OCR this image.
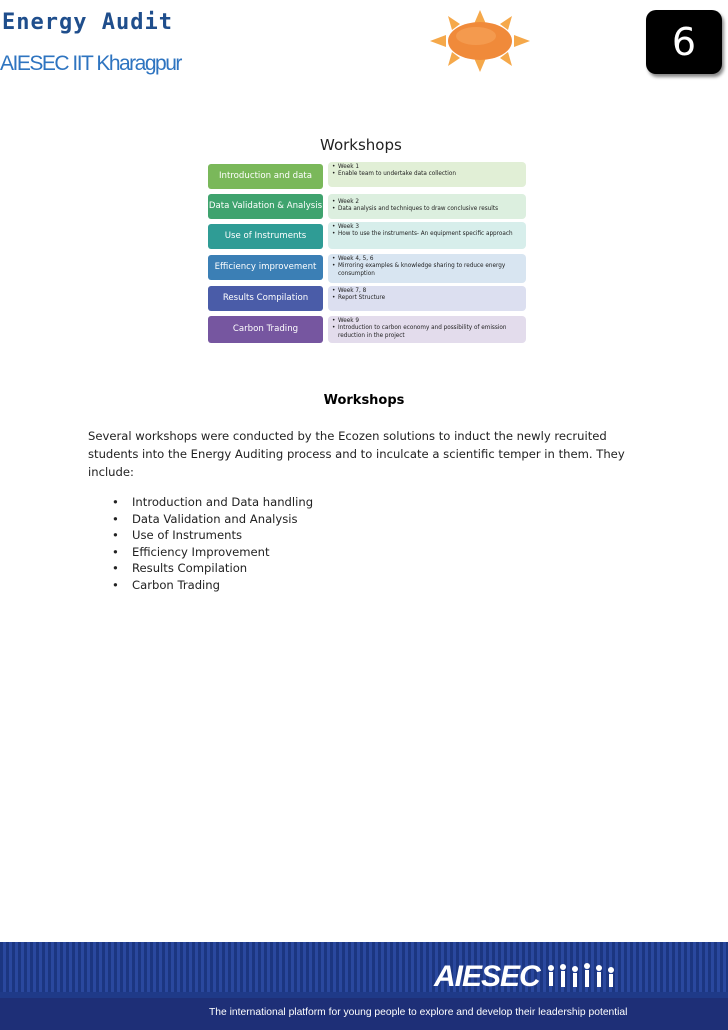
Energy Audit
AIESEC IIT Kharagpur	6
Workshops
Introduction and data
• Week 1
• Enable team to undertake data collection
Data Validation & Analysis
•	Week 2
• Data analysis and techniques to draw conclusive results
Use of Instruments
• Week 3
• How to use the instruments- An equipment specific approach
Efficiency improvement
• Week 4, 5, 6
• Mirroring examples & knowledge sharing to reduce energy consumption
Results Compilation
• Week 7, 8
• Report Structure
Carbon Trading
• Week 9
• Introduction to carbon economy and possibility of emission reduction in the project
Workshops

Several workshops were conducted by the Ecozen solutions to induct the newly recruited students into the Energy Auditing process and to inculcate a scientific temper in them. They include:

• Introduction and Data handling
• Data Validation and Analysis
• Use of Instruments
• Efficiency Improvement
• Results Compilation
• Carbon Trading
AIESEC
The international platform for young people to explore and develop their leadership potential
